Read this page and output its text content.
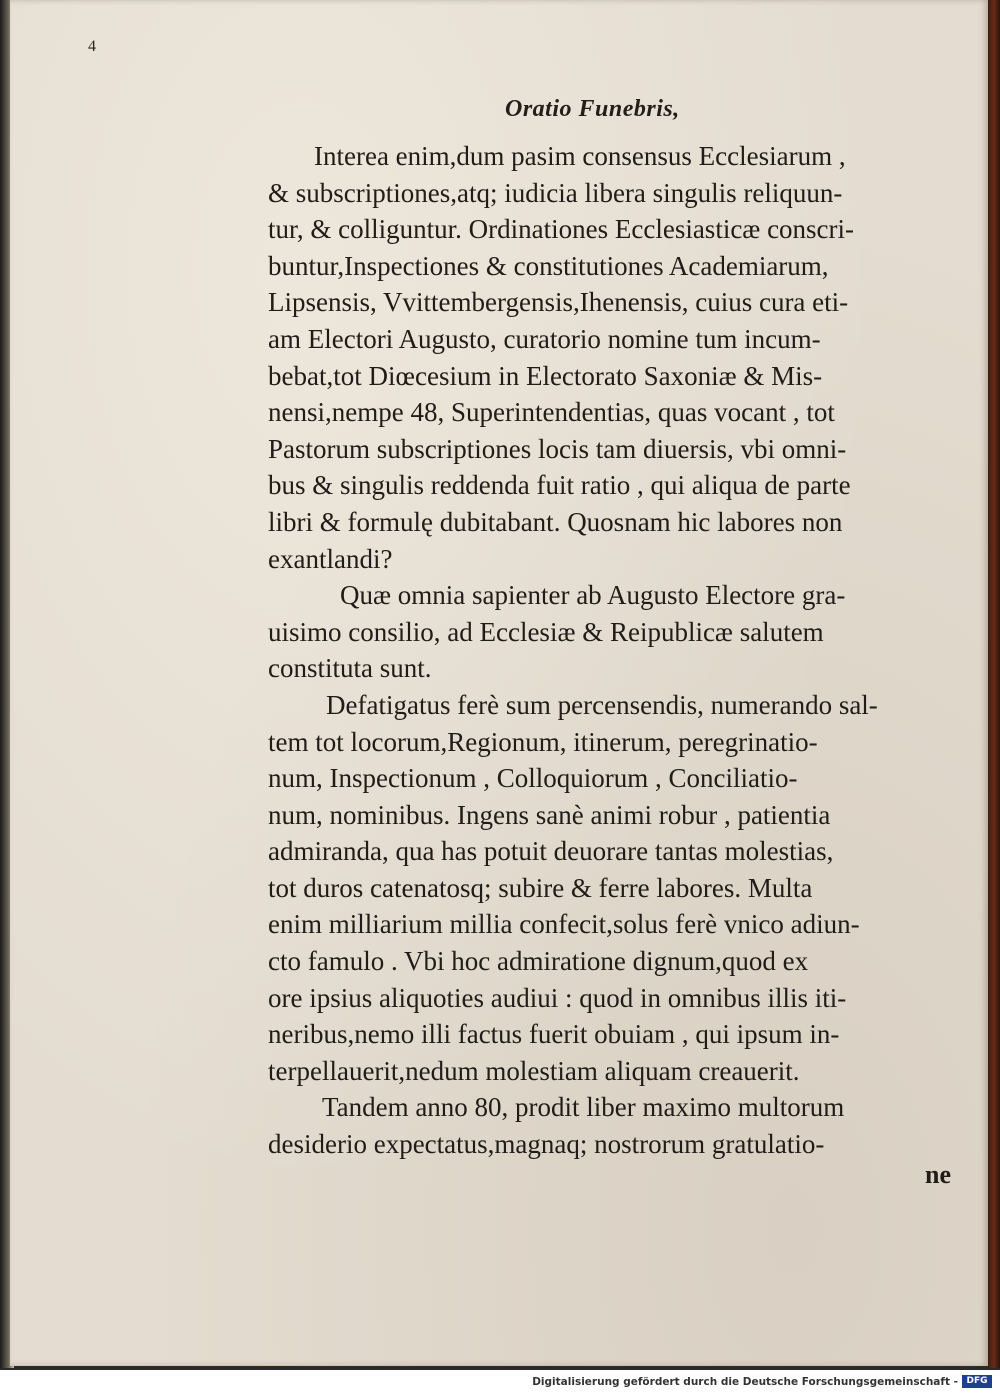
4
Oratio Funebris,
Interea enim,dum pasim consensus Ecclesiarum ,
& subscriptiones,atq; iudicia libera singulis reliquun-
tur, & colliguntur. Ordinationes Ecclesiasticæ conscri-
buntur,Inspectiones & constitutiones Academiarum,
Lipsensis, Vvittembergensis,Ihenensis, cuius cura eti-
am Electori Augusto, curatorio nomine tum incum-
bebat,tot Diœcesium in Electorato Saxoniæ & Mis-
nensi,nempe 48, Superintendentias, quas vocant , tot
Pastorum subscriptiones locis tam diuersis, vbi omni-
bus & singulis reddenda fuit ratio , qui aliqua de parte
libri & formulę dubitabant. Quosnam hic labores non
exantlandi?
Quæ omnia sapienter ab Augusto Electore gra-
uisimo consilio, ad Ecclesiæ & Reipublicæ salutem
constituta sunt.
Defatigatus ferè sum percensendis, numerando sal-
tem tot locorum,Regionum, itinerum, peregrinatio-
num, Inspectionum , Colloquiorum , Conciliatio-
num, nominibus. Ingens sanè animi robur , patientia
admiranda, qua has potuit deuorare tantas molestias,
tot duros catenatosq; subire & ferre labores. Multa
enim milliarium millia confecit,solus ferè vnico adiun-
cto famulo . Vbi hoc admiratione dignum,quod ex
ore ipsius aliquoties audiui : quod in omnibus illis iti-
neribus,nemo illi factus fuerit obuiam , qui ipsum in-
terpellauerit,nedum molestiam aliquam creauerit.
Tandem anno 80, prodit liber maximo multorum
desiderio expectatus,magnaq; nostrorum gratulatio-
ne
Digitalisierung gefördert durch die Deutsche Forschungsgemeinschaft - DFG
